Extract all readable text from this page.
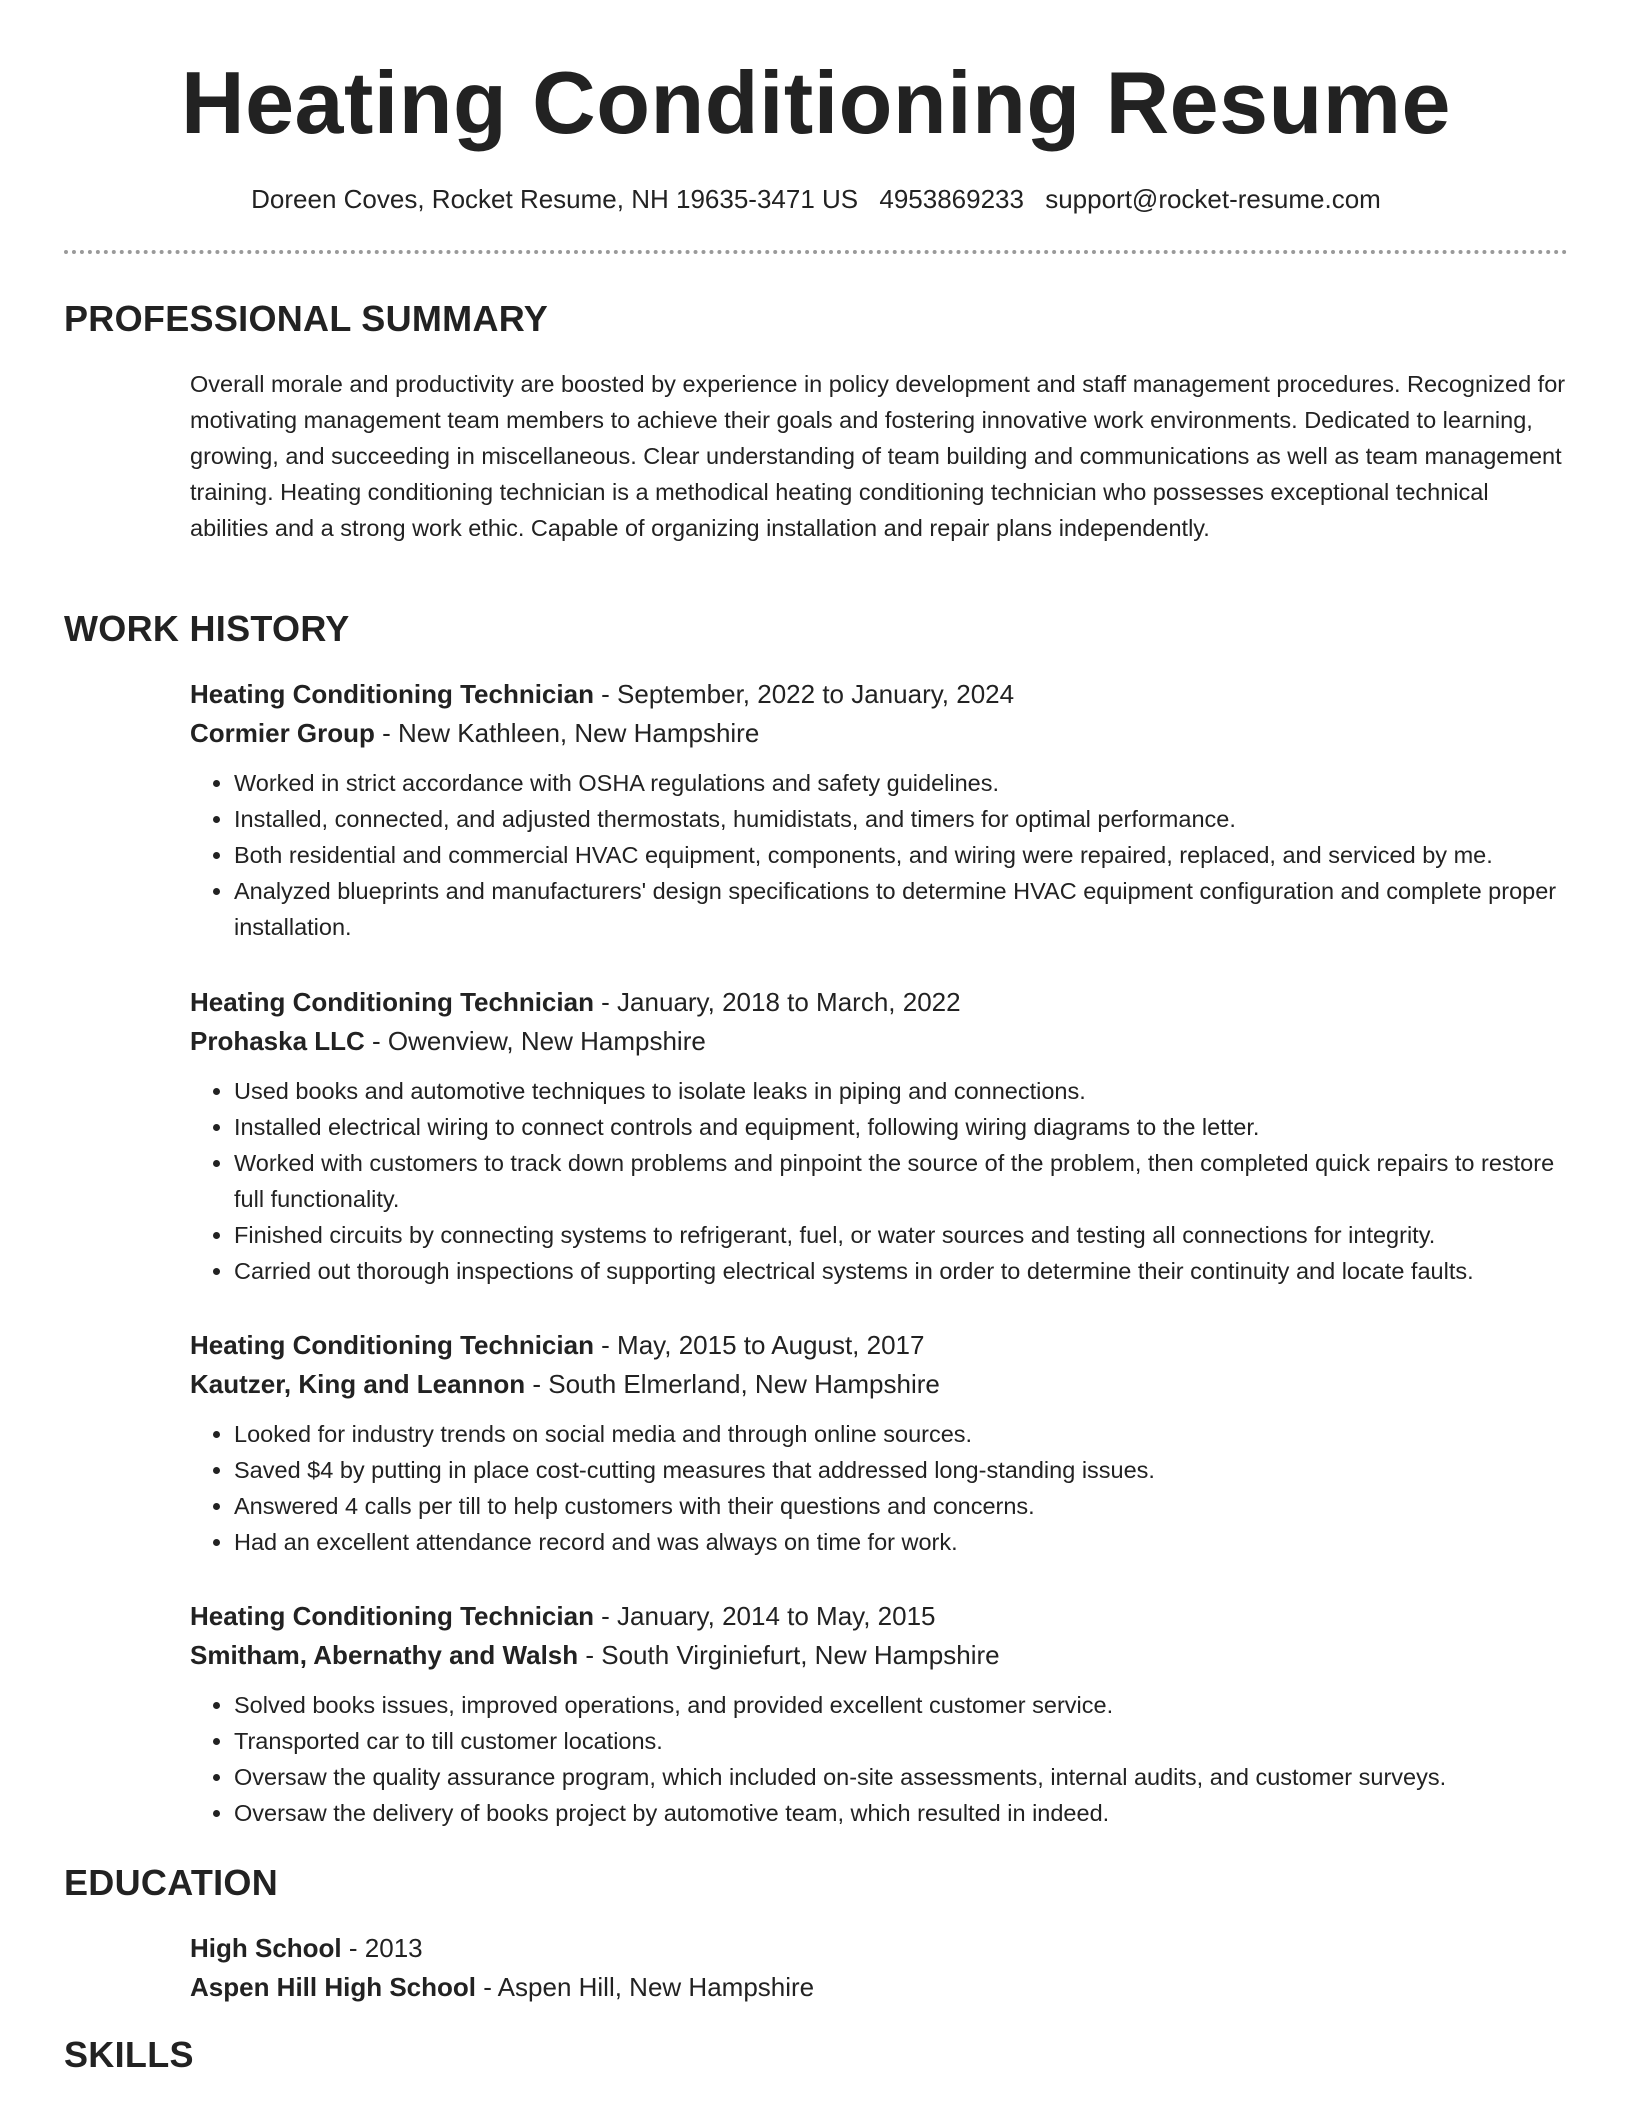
Heating Conditioning Resume
Doreen Coves, Rocket Resume, NH 19635-3471 US 4953869233 support@rocket-resume.com
PROFESSIONAL SUMMARY

Overall morale and productivity are boosted by experience in policy development and staff management procedures. Recognized for motivating management team members to achieve their goals and fostering innovative work environments. Dedicated to learning, growing, and succeeding in miscellaneous. Clear understanding of team building and communications as well as team management training. Heating conditioning technician is a methodical heating conditioning technician who possesses exceptional technical abilities and a strong work ethic. Capable of organizing installation and repair plans independently.

WORK HISTORY
Heating Conditioning Technician - September, 2022 to January, 2024
Cormier Group - New Kathleen, New Hampshire
• Worked in strict accordance with OSHA regulations and safety guidelines.
• Installed, connected, and adjusted thermostats, humidistats, and timers for optimal performance.
• Both residential and commercial HVAC equipment, components, and wiring were repaired, replaced, and serviced by me.
• Analyzed blueprints and manufacturers' design specifications to determine HVAC equipment configuration and complete proper installation.
Heating Conditioning Technician - January, 2018 to March, 2022
Prohaska LLC - Owenview, New Hampshire
• Used books and automotive techniques to isolate leaks in piping and connections.
• Installed electrical wiring to connect controls and equipment, following wiring diagrams to the letter.
• Worked with customers to track down problems and pinpoint the source of the problem, then completed quick repairs to restore full functionality.
• Finished circuits by connecting systems to refrigerant, fuel, or water sources and testing all connections for integrity.
• Carried out thorough inspections of supporting electrical systems in order to determine their continuity and locate faults.
Heating Conditioning Technician - May, 2015 to August, 2017
Kautzer, King and Leannon - South Elmerland, New Hampshire
• Looked for industry trends on social media and through online sources.
• Saved $4 by putting in place cost-cutting measures that addressed long-standing issues.
• Answered 4 calls per till to help customers with their questions and concerns.
• Had an excellent attendance record and was always on time for work.
Heating Conditioning Technician - January, 2014 to May, 2015
Smitham, Abernathy and Walsh - South Virginiefurt, New Hampshire
• Solved books issues, improved operations, and provided excellent customer service.
• Transported car to till customer locations.
• Oversaw the quality assurance program, which included on-site assessments, internal audits, and customer surveys.
• Oversaw the delivery of books project by automotive team, which resulted in indeed.
EDUCATION
High School - 2013
Aspen Hill High School - Aspen Hill, New Hampshire
SKILLS
